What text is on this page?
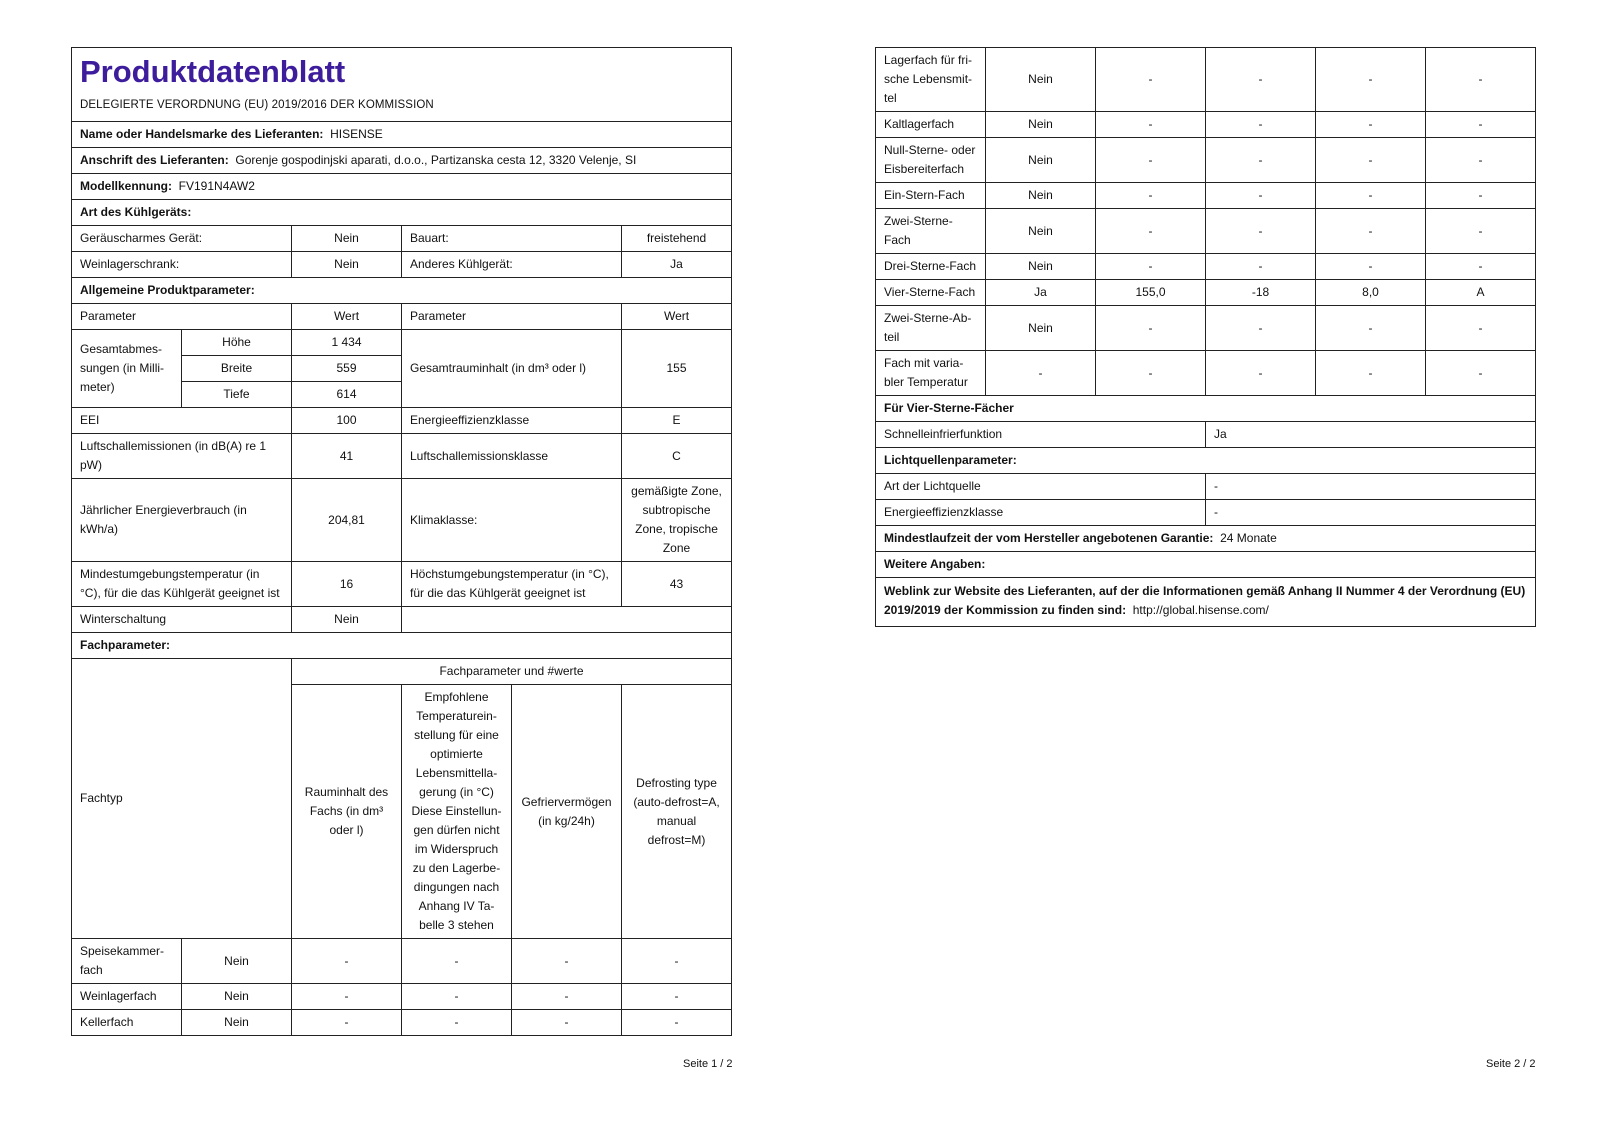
Produktdatenblatt
DELEGIERTE VERORDNUNG (EU) 2019/2016 DER KOMMISSION					

Name oder Handelsmarke des Lieferanten: HISENSE					
Anschrift des Lieferanten: Gorenje gospodinjski aparati, d.o.o., Partizanska cesta 12, 3320 Velenje, SI					
Modellkennung: FV191N4AW2					
Art des Kühlgeräts:					
Geräuscharmes Gerät:		Nein	Bauart:		freistehend
Weinlagerschrank:		Nein	Anderes Kühlgerät:		Ja
Allgemeine Produktparameter:					
Parameter		Wert	Parameter		Wert
Gesamtabmessungen (in Millimeter)	Höhe	1 434	Gesamtrauminhalt (in dm³ oder l)		155
	Breite	559			
	Tiefe	614			
EEI		100	Energieeffizienzklasse		E
Luftschallemissionen (in dB(A) re 1 pW)		41	Luftschallemissionsklasse		C
Jährlicher Energieverbrauch (in kWh/a)		204,81	Klimaklasse:		gemäßigte Zone, subtropische Zone, tropische Zone
Mindestumgebungstemperatur (in °C), für die das Kühlgerät geeignet ist		16	Höchstumgebungstemperatur (in °C), für die das Kühlgerät geeignet ist		43
Winterschaltung		Nein			
Fachparameter:					
Fachtyp		Fachparameter und #werte			
		Rauminhalt des Fachs (in dm³ oder l)	Empfohlene Temperatureinstellung für eine optimierte Lebensmittellagerung (in °C) Diese Einstellungen dürfen nicht im Widerspruch zu den Lagerbedingungen nach Anhang IV Tabelle 3 stehen	Gefriervermögen (in kg/24h)	Defrosting type (auto-defrost=A, manual defrost=M)
Speisekammerfach	Nein	-	-	-	-
Weinlagerfach	Nein	-	-	-	-
Kellerfach	Nein	-	-	-	-
Seite 1 / 2
Lagerfach für frische Lebensmittel	Nein	-	-	-	-
Kaltlagerfach	Nein	-	-	-	-
Null-Sterne- oder Eisbereiterfach	Nein	-	-	-	-
Ein-Stern-Fach	Nein	-	-	-	-
Zwei-Sterne-Fach	Nein	-	-	-	-
Drei-Sterne-Fach	Nein	-	-	-	-
Vier-Sterne-Fach	Ja	155,0	-18	8,0	A
Zwei-Sterne-Abteil	Nein	-	-	-	-
Fach mit variabler Temperatur	-	-	-	-	-
Für Vier-Sterne-Fächer					
Schnelleinfrierfunktion			Ja		
Lichtquellenparameter:					
Art der Lichtquelle			-		
Energieeffizienzklasse			-		
Mindestlaufzeit der vom Hersteller angebotenen Garantie: 24 Monate					
Weitere Angaben:					
Weblink zur Website des Lieferanten, auf der die Informationen gemäß Anhang II Nummer 4 der Verordnung (EU) 2019/2019 der Kommission zu finden sind: http://global.hisense.com/					
Seite 2 / 2
